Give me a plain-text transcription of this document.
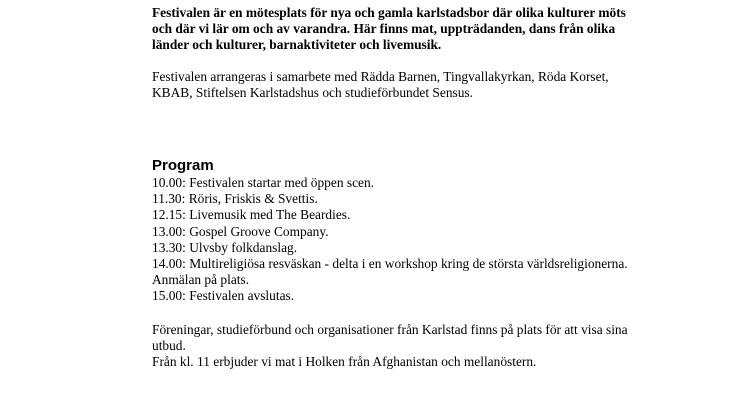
Festivalen är en mötesplats för nya och gamla karlstadsbor där olika kulturer möts och där vi lär om och av varandra. Här finns mat, uppträdanden, dans från olika länder och kulturer, barnaktiviteter och livemusik.

Festivalen arrangeras i samarbete med Rädda Barnen, Tingvallakyrkan, Röda Korset, KBAB, Stiftelsen Karlstadshus och studieförbundet Sensus.

Program
10.00: Festivalen startar med öppen scen.
11.30: Röris, Friskis & Svettis.
12.15: Livemusik med The Beardies.
13.00: Gospel Groove Company.
13.30: Ulvsby folkdanslag.
14.00: Multireligiösa resväskan - delta i en workshop kring de största världsreligionerna. Anmälan på plats.
15.00: Festivalen avslutas.

Föreningar, studieförbund och organisationer från Karlstad finns på plats för att visa sina utbud.

Från kl. 11 erbjuder vi mat i Holken från Afghanistan och mellanöstern.
